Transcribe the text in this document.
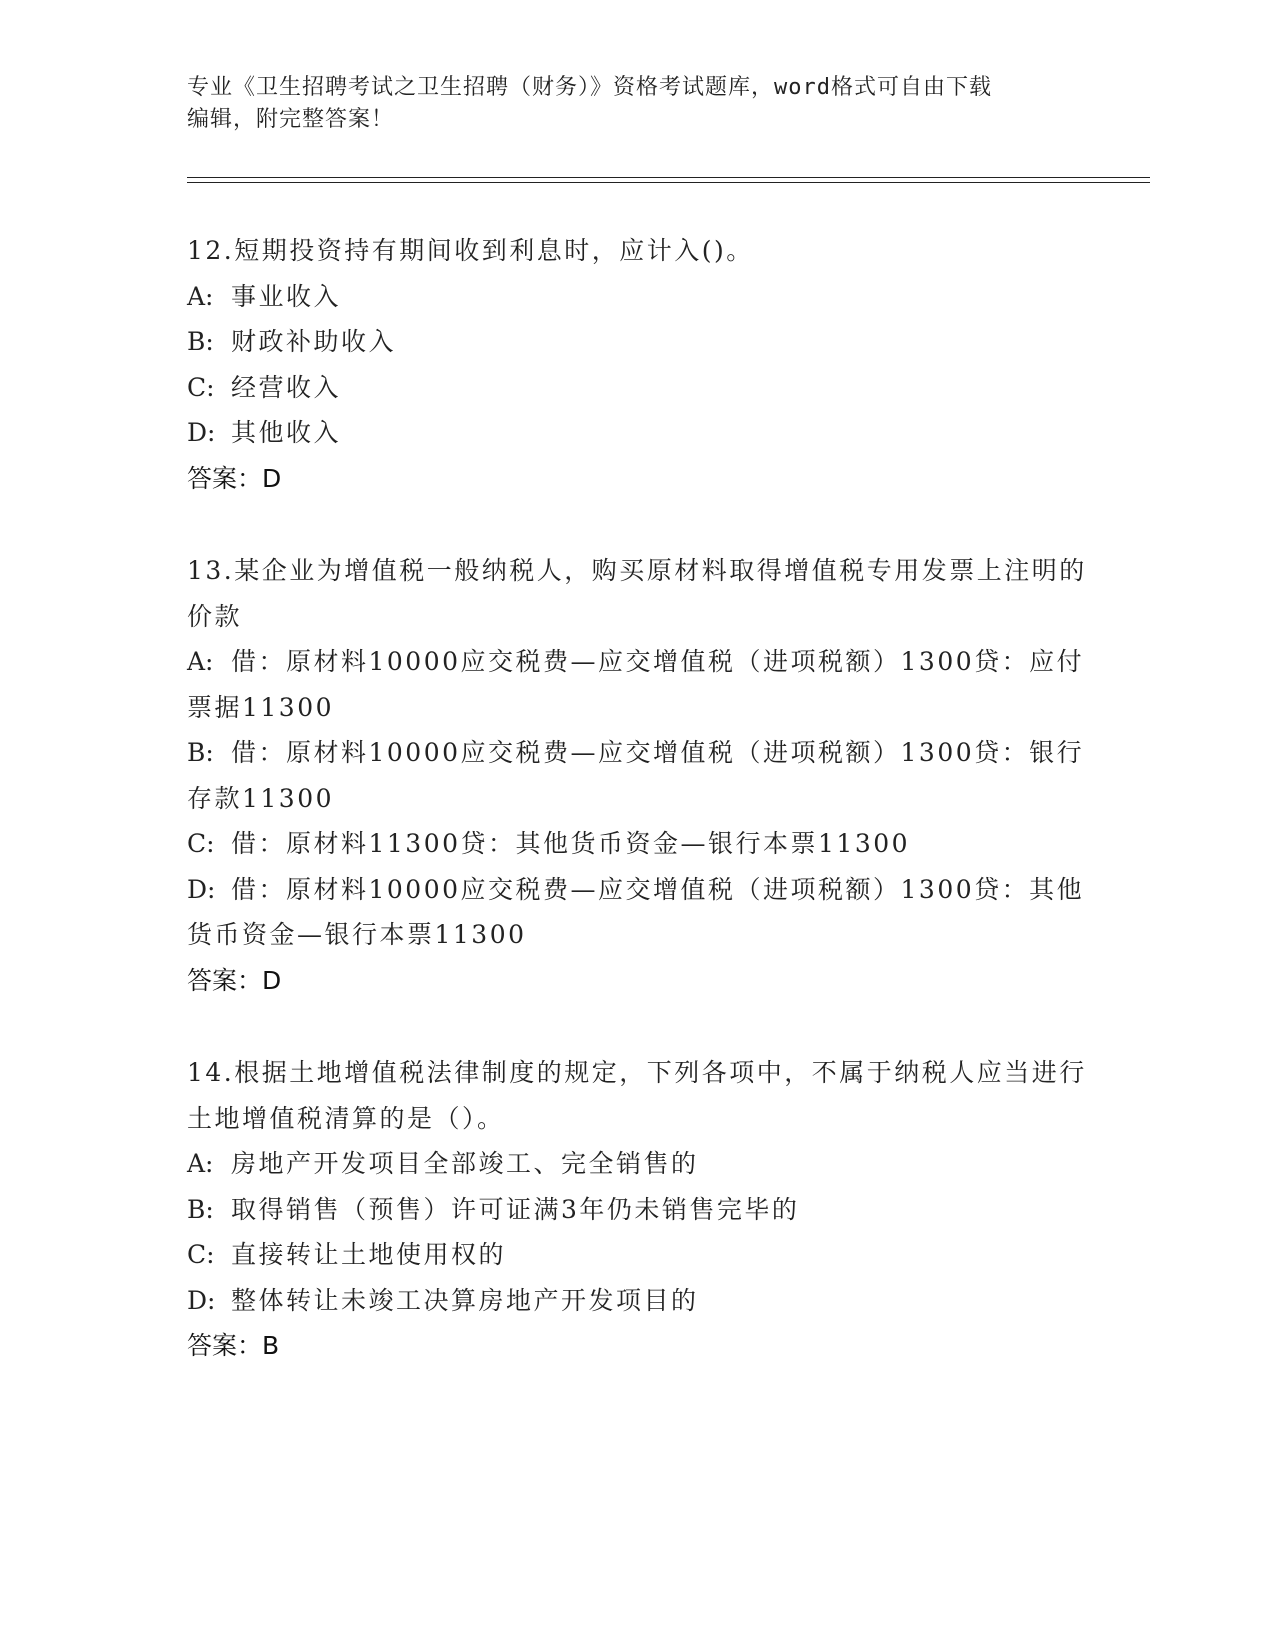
专业《卫生招聘考试之卫生招聘（财务）》资格考试题库，word格式可自由下载
编辑，附完整答案！

12.短期投资持有期间收到利息时，应计入()。

A: 事业收入

B: 财政补助收入

C: 经营收入

D: 其他收入

答案：D

13.某企业为增值税一般纳税人，购买原材料取得增值税专用发票上注明的价款

A: 借：原材料10000应交税费—应交增值税（进项税额）1300贷：应付票据11300

B: 借：原材料10000应交税费—应交增值税（进项税额）1300贷：银行存款11300

C: 借：原材料11300贷：其他货币资金—银行本票11300

D: 借：原材料10000应交税费—应交增值税（进项税额）1300贷：其他货币资金—银行本票11300

答案：D

14.根据土地增值税法律制度的规定，下列各项中，不属于纳税人应当进行土地增值税清算的是（）。

A: 房地产开发项目全部竣工、完全销售的

B: 取得销售（预售）许可证满3年仍未销售完毕的

C: 直接转让土地使用权的

D: 整体转让未竣工决算房地产开发项目的

答案：B
